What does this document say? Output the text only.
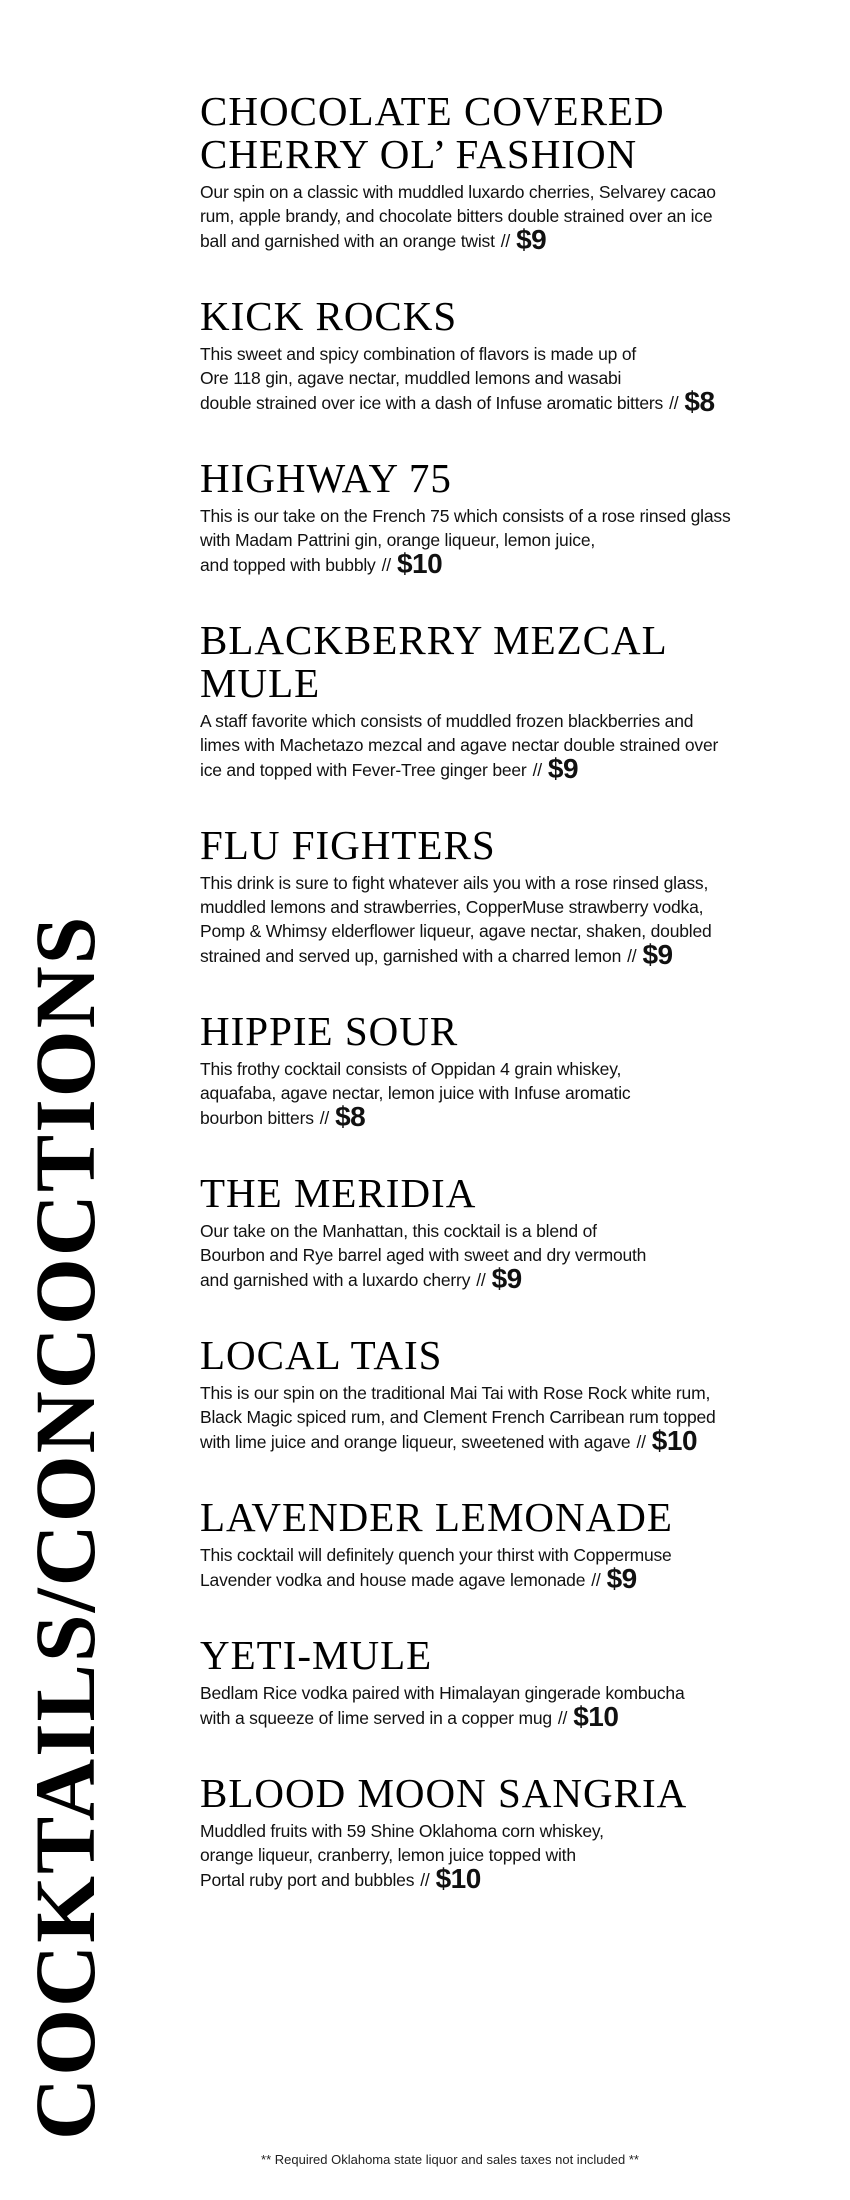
COCKTAILS/CONCOCTIONS
CHOCOLATE COVERED
CHERRY OL’ FASHION
Our spin on a classic with muddled luxardo cherries, Selvarey cacao
rum, apple brandy, and chocolate bitters double strained over an ice
ball and garnished with an orange twist // $9
KICK ROCKS
This sweet and spicy combination of flavors is made up of
Ore 118 gin, agave nectar, muddled lemons and wasabi
double strained over ice with a dash of Infuse aromatic bitters // $8
HIGHWAY 75
This is our take on the French 75 which consists of a rose rinsed glass
with Madam Pattrini gin, orange liqueur, lemon juice,
and topped with bubbly // $10
BLACKBERRY MEZCAL
MULE
A staff favorite which consists of muddled frozen blackberries and
limes with Machetazo mezcal and agave nectar double strained over
ice and topped with Fever-Tree ginger beer // $9
FLU FIGHTERS
This drink is sure to fight whatever ails you with a rose rinsed glass,
muddled lemons and strawberries, CopperMuse strawberry vodka,
Pomp & Whimsy elderflower liqueur, agave nectar, shaken, doubled
strained and served up, garnished with a charred lemon // $9
HIPPIE SOUR
This frothy cocktail consists of Oppidan 4 grain whiskey,
aquafaba, agave nectar, lemon juice with Infuse aromatic
bourbon bitters // $8
THE MERIDIA
Our take on the Manhattan, this cocktail is a blend of
Bourbon and Rye barrel aged with sweet and dry vermouth
and garnished with a luxardo cherry // $9
LOCAL TAIS
This is our spin on the traditional Mai Tai with Rose Rock white rum,
Black Magic spiced rum, and Clement French Carribean rum topped
with lime juice and orange liqueur, sweetened with agave // $10
LAVENDER LEMONADE
This cocktail will definitely quench your thirst with Coppermuse
Lavender vodka and house made agave lemonade // $9
YETI-MULE
Bedlam Rice vodka paired with Himalayan gingerade kombucha
with a squeeze of lime served in a copper mug // $10
BLOOD MOON SANGRIA
Muddled fruits with 59 Shine Oklahoma corn whiskey,
orange liqueur, cranberry, lemon juice topped with
Portal ruby port and bubbles // $10
** Required Oklahoma state liquor and sales taxes not included **
